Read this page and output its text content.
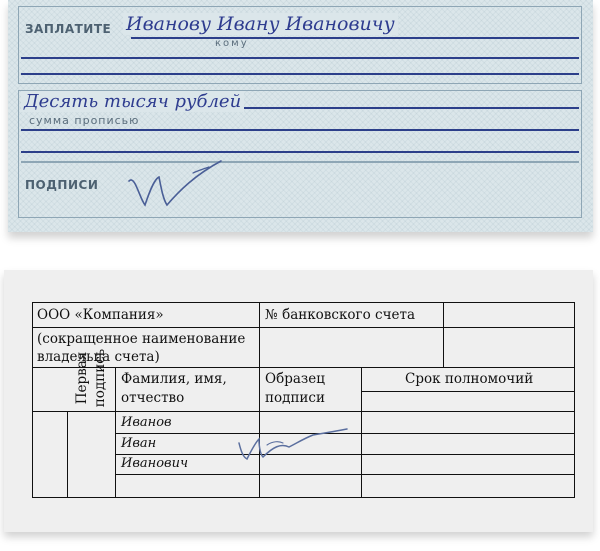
ЗАПЛАТИТЕ Иванову Ивану Ивановичу
кому
Десять тысяч рублей
сумма прописью
ПОДПИСИ
ООО «Компания»	№ банковского счета
(сокращенное наименование
владельца счета)
Фамилия, имя,
отчество
Образец
подписи
Срок полномочий
Первая подпись
Иванов
Иван
Иванович
